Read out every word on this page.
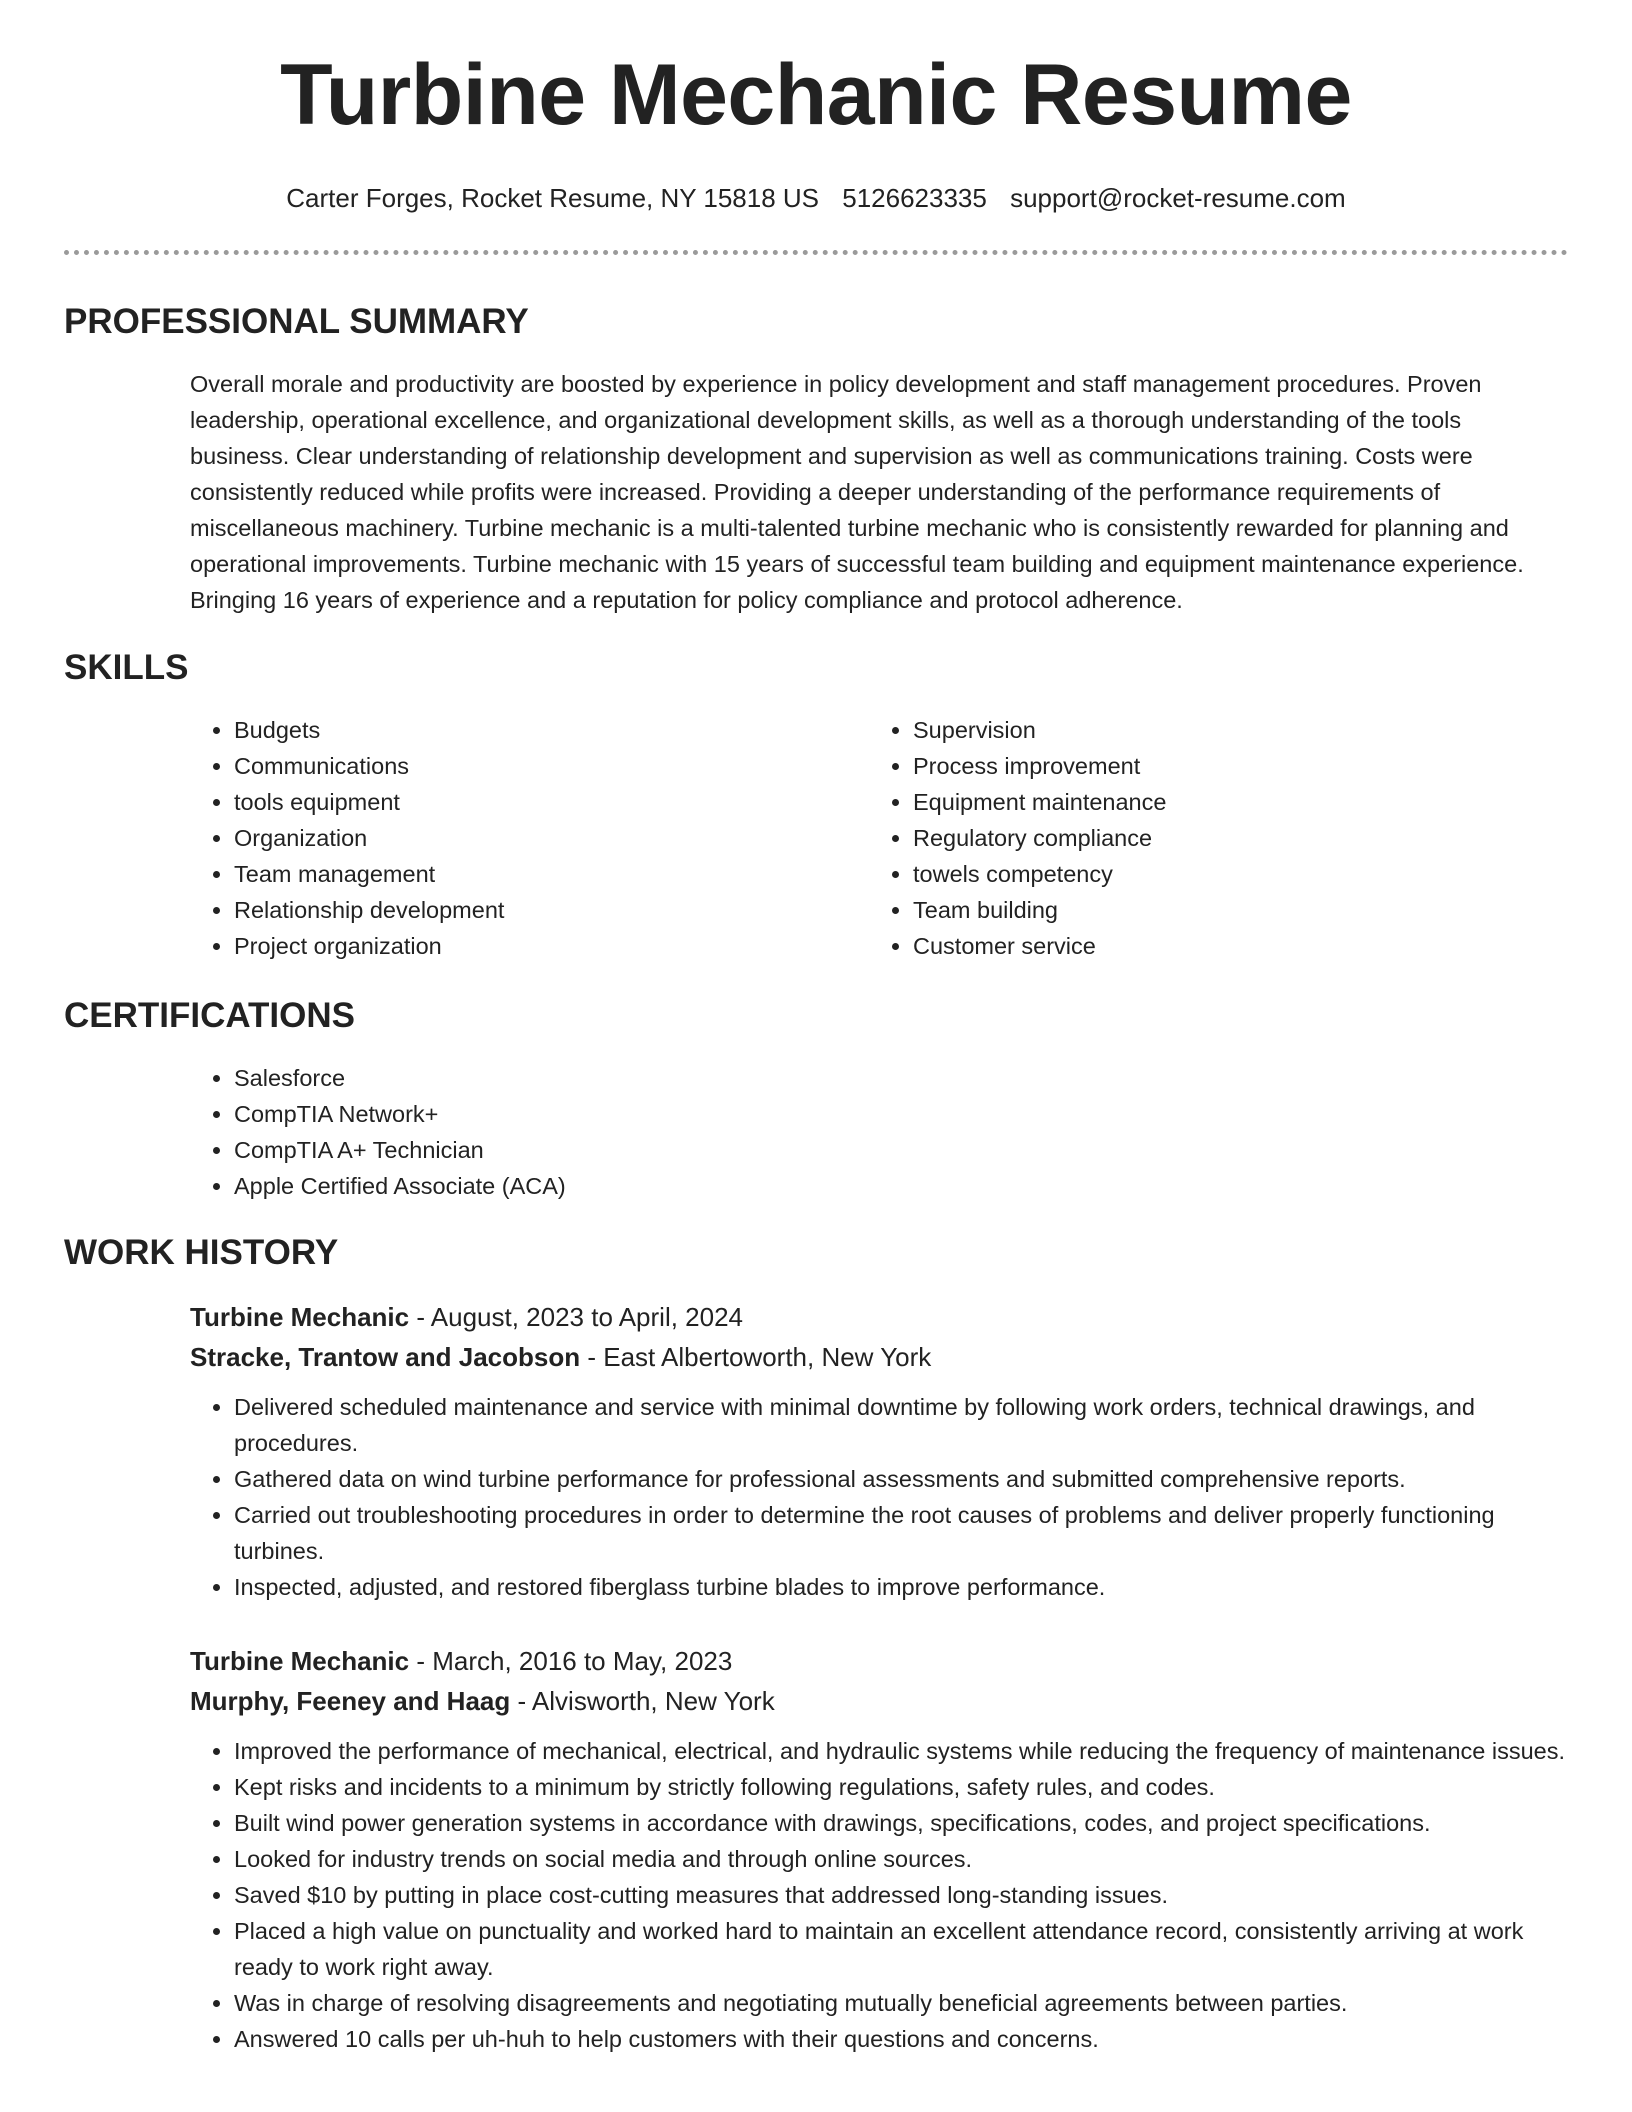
Turbine Mechanic Resume
Carter Forges, Rocket Resume, NY 15818 US 5126623335 support@rocket-resume.com
PROFESSIONAL SUMMARY

Overall morale and productivity are boosted by experience in policy development and staff management procedures. Proven leadership, operational excellence, and organizational development skills, as well as a thorough understanding of the tools business. Clear understanding of relationship development and supervision as well as communications training. Costs were consistently reduced while profits were increased. Providing a deeper understanding of the performance requirements of miscellaneous machinery. Turbine mechanic is a multi-talented turbine mechanic who is consistently rewarded for planning and operational improvements. Turbine mechanic with 15 years of successful team building and equipment maintenance experience. Bringing 16 years of experience and a reputation for policy compliance and protocol adherence.

SKILLS
• Budgets
• Communications
• tools equipment
• Organization
• Team management
• Relationship development
• Project organization
• Supervision
• Process improvement
• Equipment maintenance
• Regulatory compliance
• towels competency
• Team building
• Customer service
CERTIFICATIONS
• Salesforce
• CompTIA Network+
• CompTIA A+ Technician
• Apple Certified Associate (ACA)
WORK HISTORY
Turbine Mechanic - August, 2023 to April, 2024
Stracke, Trantow and Jacobson - East Albertoworth, New York
• Delivered scheduled maintenance and service with minimal downtime by following work orders, technical drawings, and procedures.
• Gathered data on wind turbine performance for professional assessments and submitted comprehensive reports.
• Carried out troubleshooting procedures in order to determine the root causes of problems and deliver properly functioning turbines.
• Inspected, adjusted, and restored fiberglass turbine blades to improve performance.
Turbine Mechanic - March, 2016 to May, 2023
Murphy, Feeney and Haag - Alvisworth, New York
• Improved the performance of mechanical, electrical, and hydraulic systems while reducing the frequency of maintenance issues.
• Kept risks and incidents to a minimum by strictly following regulations, safety rules, and codes.
• Built wind power generation systems in accordance with drawings, specifications, codes, and project specifications.
• Looked for industry trends on social media and through online sources.
• Saved $10 by putting in place cost-cutting measures that addressed long-standing issues.
• Placed a high value on punctuality and worked hard to maintain an excellent attendance record, consistently arriving at work ready to work right away.
• Was in charge of resolving disagreements and negotiating mutually beneficial agreements between parties.
• Answered 10 calls per uh-huh to help customers with their questions and concerns.
